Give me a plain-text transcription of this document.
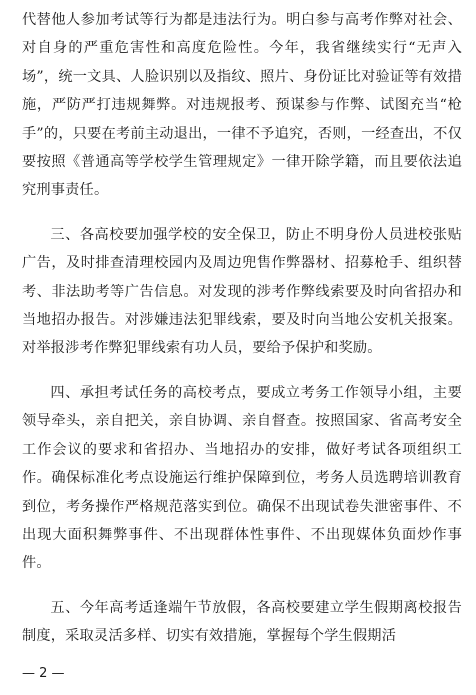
代替他人参加考试等行为都是违法行为。明白参与高考作弊对社会、对自身的严重危害性和高度危险性。今年，我省继续实行“无声入场”，统一文具、人脸识别以及指纹、照片、身份证比对验证等有效措施，严防严打违规舞弊。对违规报考、预谋参与作弊、试图充当“枪手”的，只要在考前主动退出，一律不予追究，否则，一经查出，不仅要按照《普通高等学校学生管理规定》一律开除学籍，而且要依法追究刑事责任。

三、各高校要加强学校的安全保卫，防止不明身份人员进校张贴广告，及时排查清理校园内及周边兜售作弊器材、招募枪手、组织替考、非法助考等广告信息。对发现的涉考作弊线索要及时向省招办和当地招办报告。对涉嫌违法犯罪线索，要及时向当地公安机关报案。对举报涉考作弊犯罪线索有功人员，要给予保护和奖励。

四、承担考试任务的高校考点，要成立考务工作领导小组，主要领导牵头，亲自把关，亲自协调、亲自督查。按照国家、省高考安全工作会议的要求和省招办、当地招办的安排，做好考试各项组织工作。确保标准化考点设施运行维护保障到位，考务人员选聘培训教育到位，考务操作严格规范落实到位。确保不出现试卷失泄密事件、不出现大面积舞弊事件、不出现群体性事件、不出现媒体负面炒作事件。

五、今年高考适逢端午节放假，各高校要建立学生假期离校报告制度，采取灵活多样、切实有效措施，掌握每个学生假期活

— 2 —
